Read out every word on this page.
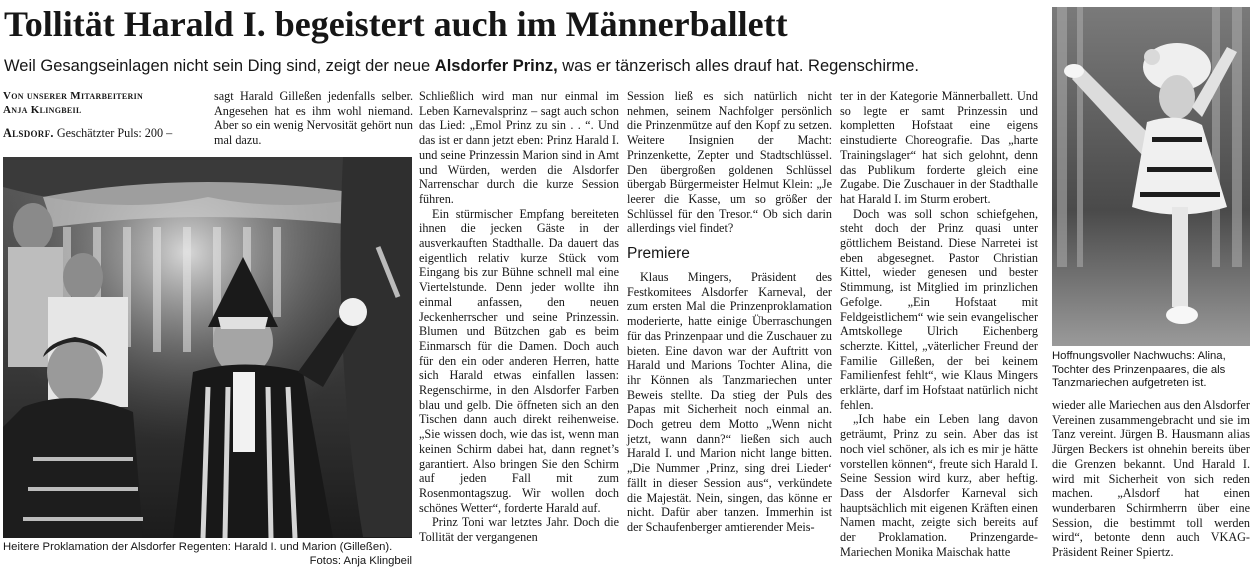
Tollität Harald I. begeistert auch im Männerballett
Weil Gesangseinlagen nicht sein Ding sind, zeigt der neue Alsdorfer Prinz, was er tänzerisch alles drauf hat. Regenschirme.
Von unserer Mitarbeiterin
Anja Klingbeil

Alsdorf. Geschätzter Puls: 200 –

sagt Harald Gilleßen jedenfalls selber. Angesehen hat es ihm wohl niemand. Aber so ein wenig Nervosität gehört nun mal dazu.

Schließlich wird man nur einmal im Leben Karnevalsprinz – sagt auch schon das Lied: „Emol Prinz zu sin . . “. Und das ist er dann jetzt eben: Prinz Harald I. und seine Prinzessin Marion sind in Amt und Würden, werden die Alsdorfer Narrenschar durch die kurze Session führen.

Ein stürmischer Empfang bereiteten ihnen die jecken Gäste in der ausverkauften Stadthalle. Da dauert das eigentlich relativ kurze Stück vom Eingang bis zur Bühne schnell mal eine Viertelstunde. Denn jeder wollte ihn einmal anfassen, den neuen Jeckenherrscher und seine Prinzessin. Blumen und Bützchen gab es beim Einmarsch für die Damen. Doch auch für den ein oder anderen Herren, hatte sich Harald etwas einfallen lassen: Regenschirme, in den Alsdorfer Farben blau und gelb. Die öffneten sich an den Tischen dann auch direkt reihenweise. „Sie wissen doch, wie das ist, wenn man keinen Schirm dabei hat, dann regnet’s garantiert. Also bringen Sie den Schirm auf jeden Fall mit zum Rosenmontagszug. Wir wollen doch schönes Wetter“, forderte Harald auf.

Prinz Toni war letztes Jahr. Doch die Tollität der vergangenen

Session ließ es sich natürlich nicht nehmen, seinem Nachfolger persönlich die Prinzenmütze auf den Kopf zu setzen. Weitere Insignien der Macht: Prinzenkette, Zepter und Stadtschlüssel. Den übergroßen goldenen Schlüssel übergab Bürgermeister Helmut Klein: „Je leerer die Kasse, um so größer der Schlüssel für den Tresor.“ Ob sich darin allerdings viel findet?

Premiere

Klaus Mingers, Präsident des Festkomitees Alsdorfer Karneval, der zum ersten Mal die Prinzenproklamation moderierte, hatte einige Überraschungen für das Prinzenpaar und die Zuschauer zu bieten. Eine davon war der Auftritt von Harald und Marions Tochter Alina, die ihr Können als Tanzmariechen unter Beweis stellte. Da stieg der Puls des Papas mit Sicherheit noch einmal an. Doch getreu dem Motto „Wenn nicht jetzt, wann dann?“ ließen sich auch Harald I. und Marion nicht lange bitten. „Die Nummer ‚Prinz, sing drei Lieder‘ fällt in dieser Session aus“, verkündete die Majestät. Nein, singen, das könne er nicht. Dafür aber tanzen. Immerhin ist der Schaufenberger amtierender Meis-

ter in der Kategorie Männerballett. Und so legte er samt Prinzessin und kompletten Hofstaat eine eigens einstudierte Choreografie. Das „harte Trainingslager“ hat sich gelohnt, denn das Publikum forderte gleich eine Zugabe. Die Zuschauer in der Stadthalle hat Harald I. im Sturm erobert.

Doch was soll schon schiefgehen, steht doch der Prinz quasi unter göttlichem Beistand. Diese Narretei ist eben abgesegnet. Pastor Christian Kittel, wieder genesen und bester Stimmung, ist Mitglied im prinzlichen Gefolge. „Ein Hofstaat mit Feldgeistlichem“ wie sein evangelischer Amtskollege Ulrich Eichenberg scherzte. Kittel, „väterlicher Freund der Familie Gilleßen, der bei keinem Familienfest fehlt“, wie Klaus Mingers erklärte, darf im Hofstaat natürlich nicht fehlen.

„Ich habe ein Leben lang davon geträumt, Prinz zu sein. Aber das ist noch viel schöner, als ich es mir je hätte vorstellen können“, freute sich Harald I. Seine Session wird kurz, aber heftig. Dass der Alsdorfer Karneval sich hauptsächlich mit eigenen Kräften einen Namen macht, zeigte sich bereits auf der Proklamation. Prinzengarde-Mariechen Monika Maischak hatte

Hoffnungsvoller Nachwuchs: Alina, Tochter des Prinzenpaares, die als Tanzmariechen aufgetreten ist.

wieder alle Mariechen aus den Alsdorfer Vereinen zusammengebracht und sie im Tanz vereint. Jürgen B. Hausmann alias Jürgen Beckers ist ohnehin bereits über die Grenzen bekannt. Und Harald I. wird mit Sicherheit von sich reden machen. „Alsdorf hat einen wunderbaren Schirmherrn über eine Session, die bestimmt toll werden wird“, betonte denn auch VKAG-Präsident Reiner Spiertz.

Heitere Proklamation der Alsdorfer Regenten: Harald I. und Marion (Gilleßen).
Fotos: Anja Klingbeil
